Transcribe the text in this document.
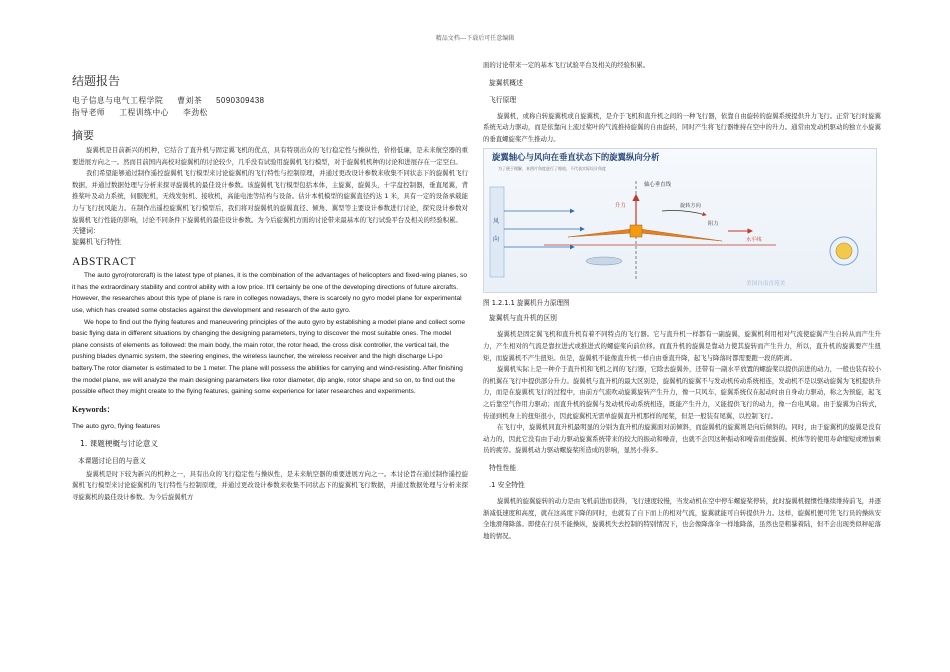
精品文档---下载后可任意编辑

结题报告

电子信息与电气工程学院 曹刘茶 5090309438

指导老师 工程训练中心 李劲松

摘要

旋翼机是目前新兴的机种，它结合了直升机与固定翼飞机的优点，具有特别出众的飞行稳定性与操纵性，价格低廉，是未来航空器的重要进展方向之一。然而目前国内高校对旋翼机的讨论较少，几乎没有试验用旋翼机飞行模型，对于旋翼机机种的讨论和进展存在一定空白。

我们希望能够通过制作遥控旋翼机飞行模型来讨论旋翼机的飞行特性与控制原理，并通过更改设计参数来收集不同状态下的旋翼机飞行数据，并通过数据处理与分析来探寻旋翼机的最佳设计参数。该旋翼机飞行模型包括本体，主旋翼，旋翼头，十字盘控制器，垂直尾翼，背推桨叶及动力系统，伺服舵机，无线发射机、接收机，高能电池等结构与设备。估计本机模型的旋翼直径约达 1 米，具有一定的设备承载能力与飞行抗风能力。在制作出遥控旋翼机飞行模型后，我们将对旋翼机的旋翼直径、倾角、翼型等主要设计参数进行讨论，探究设计参数对旋翼机飞行性能的影响，讨论不同条件下旋翼机的最佳设计参数。为今后旋翼机方面的讨论带来最基本的飞行试验平台及相关的经验积累。

关键词：

旋翼机飞行特性

ABSTRACT

The auto gyro(rotorcraft) is the latest type of planes, it is the combination of the advantages of helicopters and fixed-wing planes, so it has the extraordinary stability and control ability with a low price. It'll certainly be one of the developing directions of future aircrafts. However, the researches about this type of plane is rare in colleges nowadays, there is scarcely no gyro model plane for experimental use, which has created some obstacles against the development and research of the auto gyro.

We hope to find out the flying features and maneuvering principles of the auto gyro by establishing a model plane and collect some basic flying data in different situations by changing the designing parameters, trying to discover the most suitable ones. The model plane consists of elements as followed: the main body, the main rotor, the rotor head, the cross disk controller, the vertical tail, the pushing blades dynamic system, the steering engines, the wireless launcher, the wireless receiver and the high discharge Li-po battery.The rotor diameter is estimated to be 1 meter. The plane will possess the abilities for carrying and wind-resisting. After finishing the model plane, we will analyze the main designing parameters like rotor diameter, dip angle, rotor shape and so on, to find out the possible effect they might create to the flying features, gaining some experience for later researches and experiments.

Keywords：

The auto gyro, flying features

1. 课题梗概与讨论意义

本课题讨论目的与意义

旋翼机是时下较为新兴的机种之一，具有出众的飞行稳定性与操纵性，是未来航空器的重要进展方向之一。本讨论旨在通过制作遥控旋翼机飞行模型来讨论旋翼机的飞行特性与控制原理，并通过更改设计参数来收集不同状态下的旋翼机飞行数据，并通过数据处理与分析来探寻旋翼机的最佳设计参数。为今后旋翼机方

面的讨论带来一定的基本飞行试验平台及相关的经验积累。

旋翼机概述

飞行原理

旋翼机，或称自转旋翼机或自旋翼机，是介于飞机和直升机之间的一种飞行器，依靠自由旋转的旋翼系统提供升力飞行。正常飞行时旋翼系统无动力驱动，而是依靠向上流过桨叶的气流推持旋翼的自由旋转，同时产生将飞行器维持在空中的升力。通常由发动机驱动的独立小旋翼的垂直螺旋桨产生推动力。

旋翼轴心与风向在垂直状态下的旋翼纵向分析
为了便于理解，本图片角度进行了缩放，不代表实际设计角度
风
向
轴心垂直线
升力	旋转方向
阻力
水平线
美国自南直苑美

图 1.2.1.1 旋翼机升力原理图

旋翼机与直升机的区别

旋翼机是固定翼飞机和直升机有着不同特点的飞行器。它与直升机一样都有一副旋翼，旋翼机利用相对气流使旋翼产生自转从而产生升力，产生相对的气流是靠拉进式或推进式的螺旋桨向前位移。而直升机的旋翼是靠动力使其旋转而产生升力，所以，直升机的旋翼要产生扭矩，而旋翼机不产生扭矩。但是，旋翼机不能像直升机一样自由垂直升降，起飞与降落时都需要跑一段的距离。

旋翼机实际上是一种介于直升机和飞机之间的飞行器，它除去旋翼外，还带有一副水平放置的螺旋桨以提供前进的动力，一般也装有较小的机翼在飞行中提供部分升力。旋翼机与直升机的最大区别是，旋翼机的旋翼不与发动机传动系统相连，发动机不是以驱动旋翼为飞机提供升力，而是在旋翼机飞行的过程中，由前方气流吹动旋翼旋转产生升力，像一只风车，旋翼系统仅在起动时由自身动力驱动，称之为预旋，起飞之后靠空气作用力驱动；而直升机的旋翼与发动机传动系统相连，既能产生升力，又能提供飞行的动力，像一台电风扇。由于旋翼为自转式，传递到机身上的扭矩很小，因此旋翼机无需单旋翼直升机那样的尾桨，但是一般装有尾翼，以控制飞行。

在飞行中，旋翼机同直升机最明显的分别为直升机的旋翼面对前倾斜，而旋翼机的旋翼则是向后倾斜的。同时，由于旋翼机的旋翼是没有动力的，因此它没有由于动力驱动旋翼系统带来的较大的振动和噪音，也就不会因这种振动和噪音而使旋翼、机体等的使用寿命缩短或增加乘员的疲劳。旋翼机动力驱动螺旋桨所造成的影响，显然小得多。

特性性能

.1 安全特性

旋翼机的旋翼旋转的动力是由飞机前进而获得，飞行速度较慢，当发动机在空中停车螺旋桨停转，此时旋翼机握惯性继续维持前飞，并逐渐减低速度和高度，就在这高度下降的同时，也就有了自下而上的相对气流，旋翼就能可自转提供升力。这样，旋翼机便可凭飞行员的操纵安全地滑翔降落。即使在行员不能操纵，旋翼机失去控制的特别情况下，也会像降落伞一样地降落，虽然也是粗暴着陆，但不会出现类似秤砣落地的情况。
